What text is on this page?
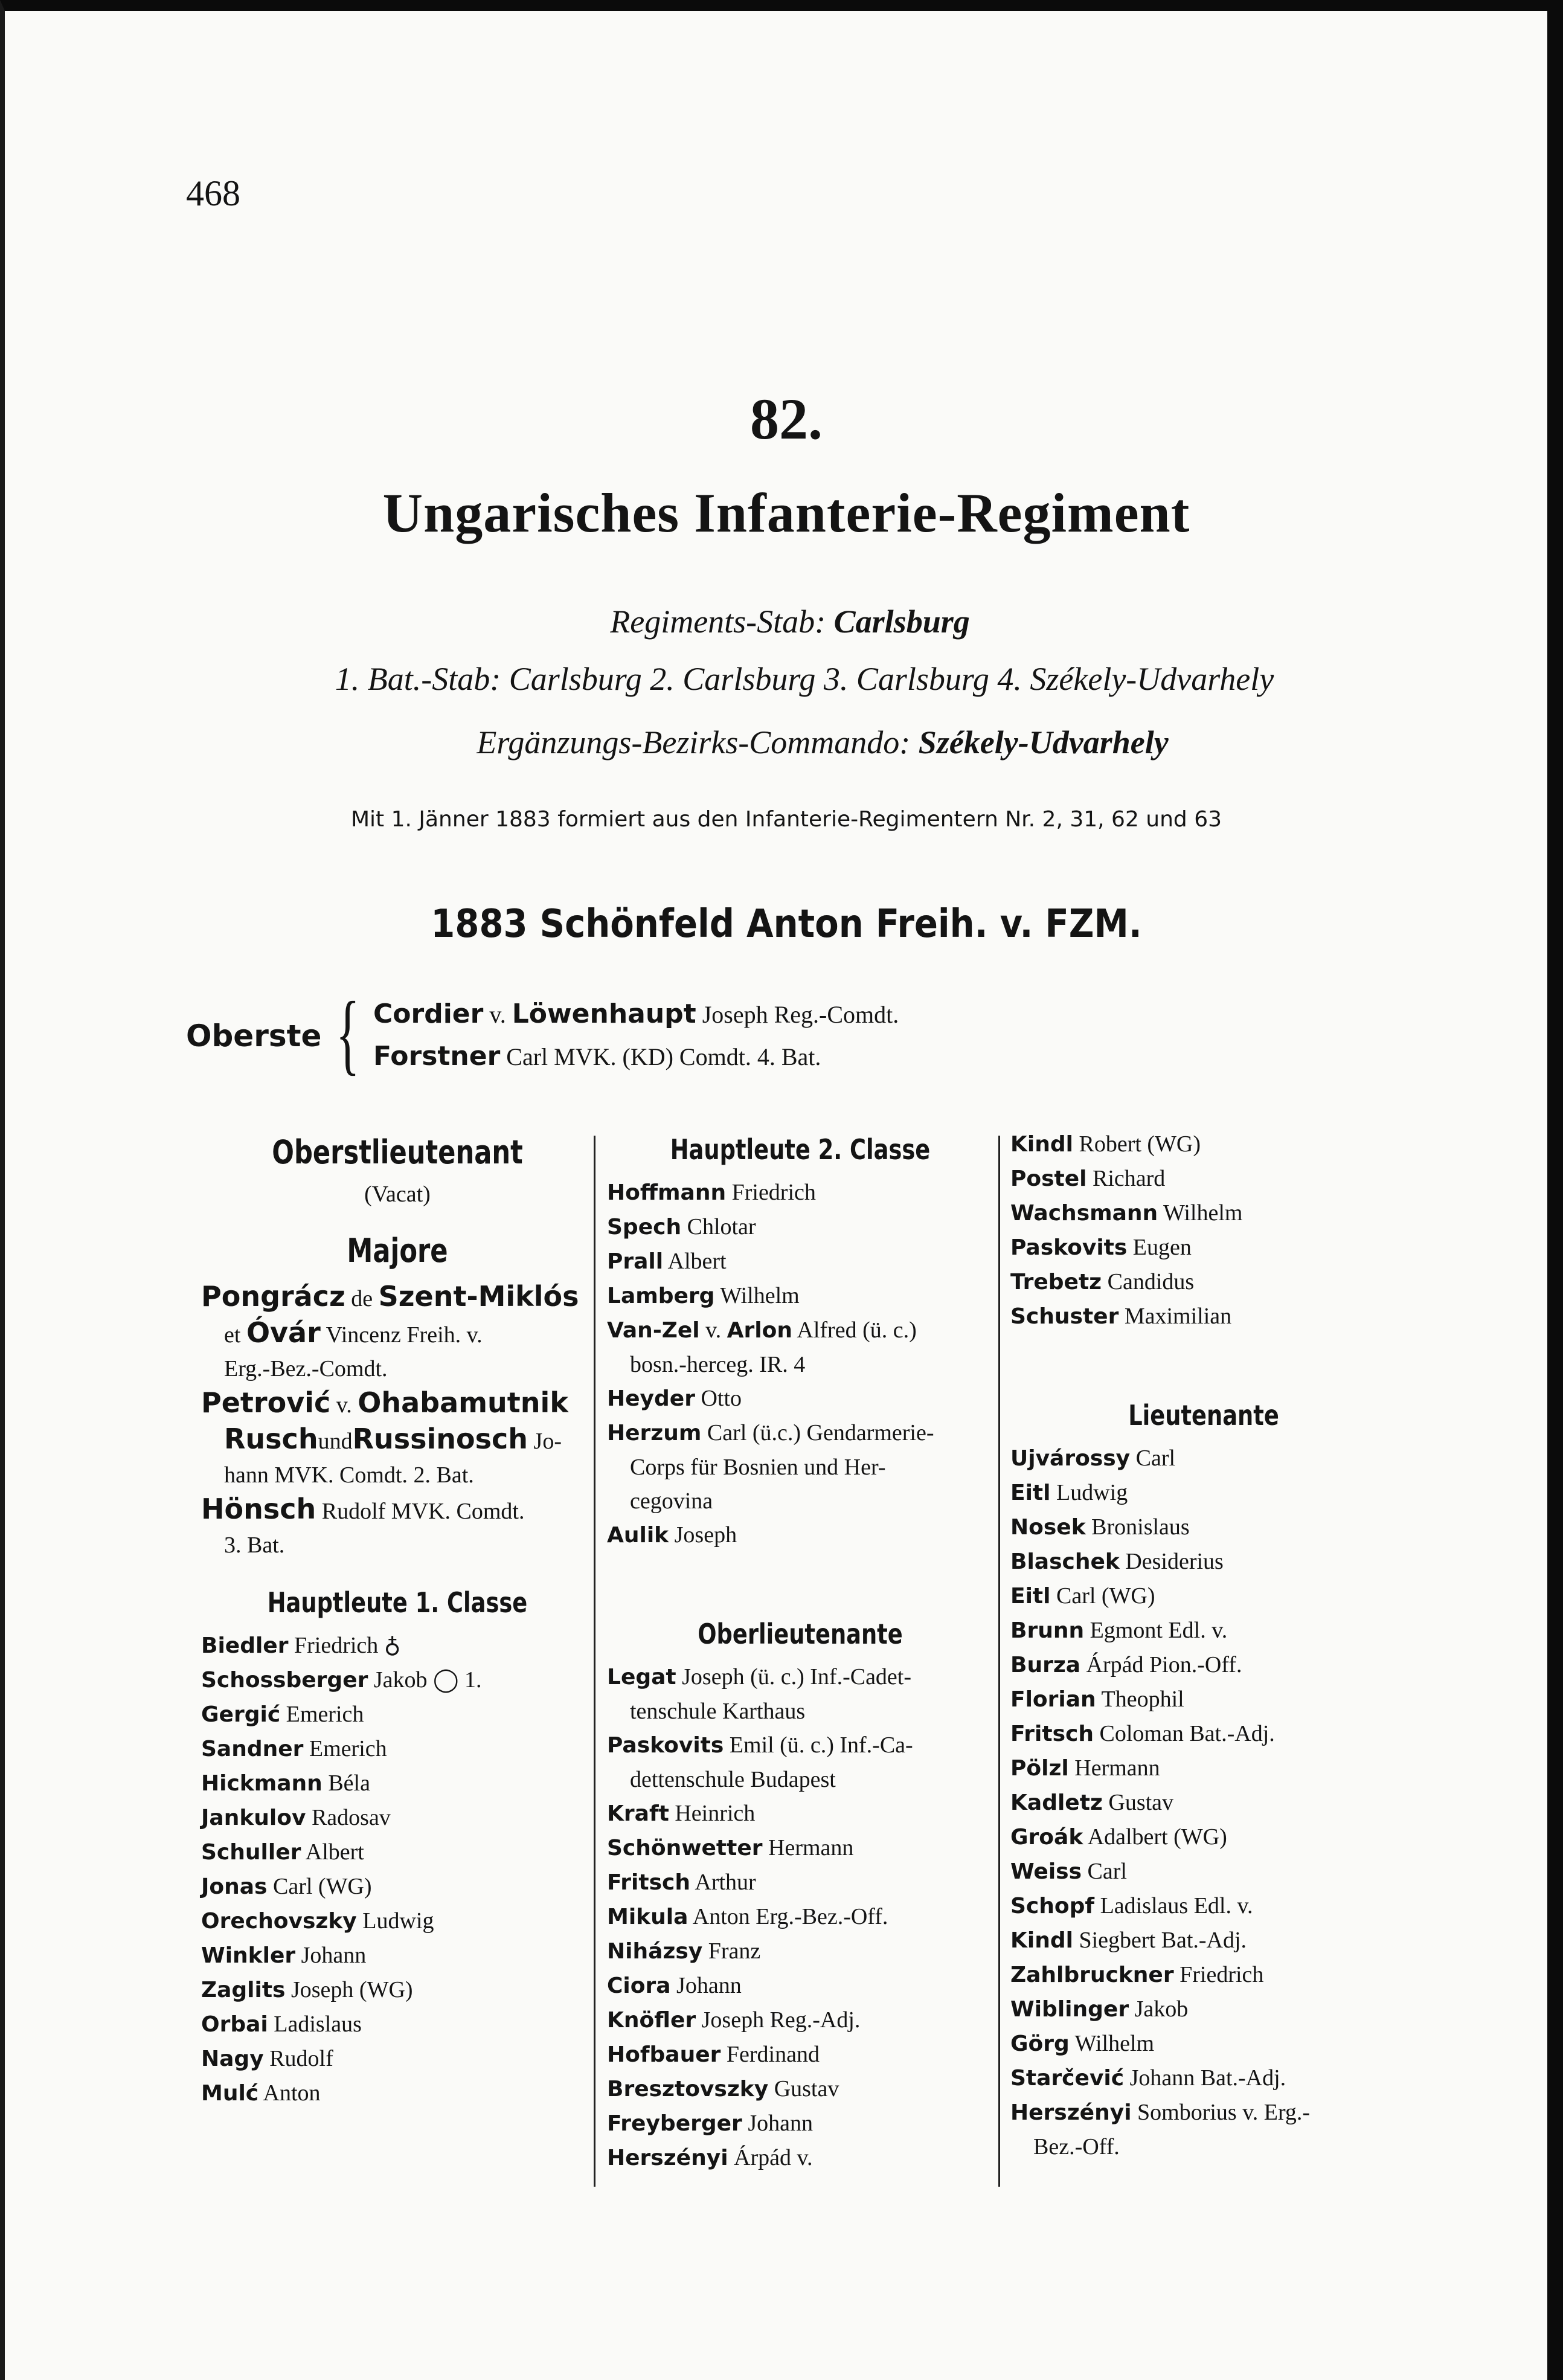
468
82.
Ungarisches Infanterie-Regiment
Regiments-Stab: Carlsburg
1. Bat.-Stab: Carlsburg 2. Carlsburg 3. Carlsburg 4. Székely-Udvarhely
Ergänzungs-Bezirks-Commando: Székely-Udvarhely
Mit 1. Jänner 1883 formiert aus den Infanterie-Regimentern Nr. 2, 31, 62 und 63
1883 Schönfeld Anton Freih. v. FZM.
Oberste { Cordier v. Löwenhaupt Joseph Reg.-Comdt.
Forstner Carl MVK. (KD) Comdt. 4. Bat.
Oberstlieutenant
(Vacat)
Majore
Pongrácz de Szent-Miklós
et Óvár Vincenz Freih. v.
Erg.-Bez.-Comdt.
Petrović v. Ohabamutnik
RuschundRussinosch Jo-
hann MVK. Comdt. 2. Bat.
Hönsch Rudolf MVK. Comdt.
3. Bat.
Hauptleute 1. Classe
Biedler Friedrich ♁
Schossberger Jakob ◯ 1.
Gergić Emerich
Sandner Emerich
Hickmann Béla
Jankulov Radosav
Schuller Albert
Jonas Carl (WG)
Orechovszky Ludwig
Winkler Johann
Zaglits Joseph (WG)
Orbai Ladislaus
Nagy Rudolf
Mulć Anton
Hauptleute 2. Classe
Hoffmann Friedrich
Spech Chlotar
Prall Albert
Lamberg Wilhelm
Van-Zel v. Arlon Alfred (ü. c.)
bosn.-herceg. IR. 4
Heyder Otto
Herzum Carl (ü.c.) Gendarmerie-
Corps für Bosnien und Her-
cegovina
Aulik Joseph
Oberlieutenante
Legat Joseph (ü. c.) Inf.-Cadet-
tenschule Karthaus
Paskovits Emil (ü. c.) Inf.-Ca-
dettenschule Budapest
Kraft Heinrich
Schönwetter Hermann
Fritsch Arthur
Mikula Anton Erg.-Bez.-Off.
Niházsy Franz
Ciora Johann
Knöfler Joseph Reg.-Adj.
Hofbauer Ferdinand
Bresztovszky Gustav
Freyberger Johann
Herszényi Árpád v.
Kindl Robert (WG)
Postel Richard
Wachsmann Wilhelm
Paskovits Eugen
Trebetz Candidus
Schuster Maximilian
Lieutenante
Ujvárossy Carl
Eitl Ludwig
Nosek Bronislaus
Blaschek Desiderius
Eitl Carl (WG)
Brunn Egmont Edl. v.
Burza Árpád Pion.-Off.
Florian Theophil
Fritsch Coloman Bat.-Adj.
Pölzl Hermann
Kadletz Gustav
Groák Adalbert (WG)
Weiss Carl
Schopf Ladislaus Edl. v.
Kindl Siegbert Bat.-Adj.
Zahlbruckner Friedrich
Wiblinger Jakob
Görg Wilhelm
Starčević Johann Bat.-Adj.
Herszényi Somborius v. Erg.-
Bez.-Off.
